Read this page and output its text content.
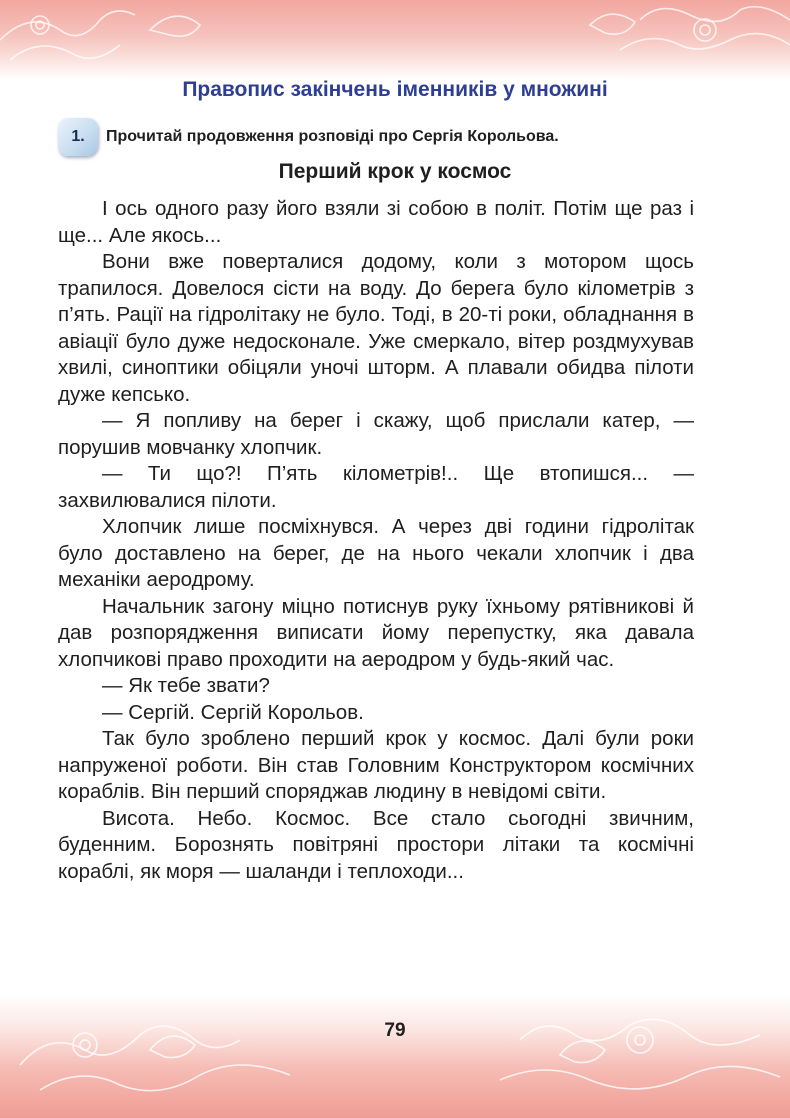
Правопис закінчень іменників у множині
1.	Прочитай продовження розповіді про Сергія Корольова.
Перший крок у космос

І ось одного разу його взяли зі собою в політ. Потім ще раз і ще... Але якось...

Вони вже поверталися додому, коли з мотором щось трапилося. Довелося сісти на воду. До берега було кілометрів з п’ять. Рації на гідролітаку не було. Тоді, в 20-ті роки, обладнання в авіації було дуже недосконале. Уже смеркало, вітер роздмухував хвилі, синоптики обіцяли уночі шторм. А плавали обидва пілоти дуже кепсько.

— Я попливу на берег і скажу, щоб прислали катер, — порушив мовчанку хлопчик.

— Ти що?! П’ять кілометрів!.. Ще втопишся... — захвилювалися пілоти.

Хлопчик лише посміхнувся. А через дві години гідролітак було доставлено на берег, де на нього чекали хлопчик і два механіки аеродрому.

Начальник загону міцно потиснув руку їхньому рятівникові й дав розпорядження виписати йому перепустку, яка давала хлопчикові право проходити на аеродром у будь-який час.

— Як тебе звати?

— Сергій. Сергій Корольов.

Так було зроблено перший крок у космос. Далі були роки напруженої роботи. Він став Головним Конструктором космічних кораблів. Він перший споряджав людину в невідомі світи.

Висота. Небо. Космос. Все стало сьогодні звичним, буденним. Борознять повітряні простори літаки та космічні кораблі, як моря — шаланди і теплоходи...

79
